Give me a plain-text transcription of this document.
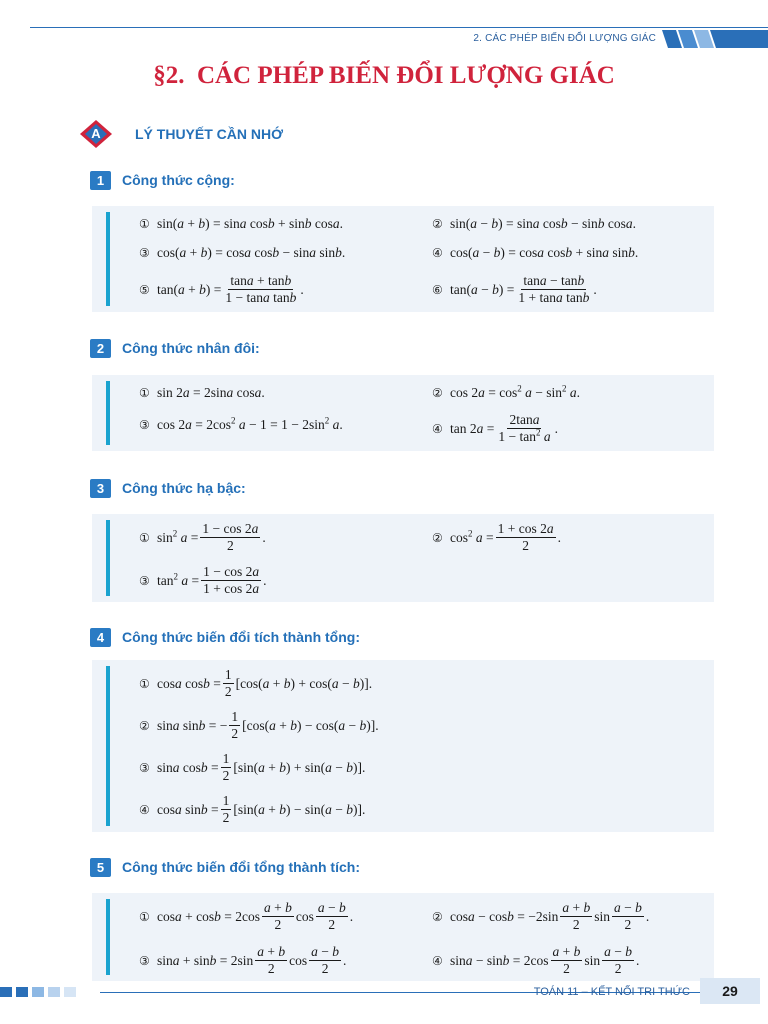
2. CÁC PHÉP BIẾN ĐỔI LƯỢNG GIÁC
§2. CÁC PHÉP BIẾN ĐỔI LƯỢNG GIÁC
A	LÝ THUYẾT CẦN NHỚ
1	Công thức cộng:
① sin(a + b) = sina cosb + sinb cosa.	② sin(a − b) = sina cosb − sinb cosa.
③ cos(a + b) = cosa cosb − sina sinb.	④ cos(a − b) = cosa cosb + sina sinb.
⑤ $\tan(a + b) = \frac{\tan a + \tan b}{\text{1 − tana tanb}}$ .	⑥ $\tan(a - b) = \frac{\tan a - \tan b}{\text{1 + tana tanb}}$ .
2	Công thức nhân đôi:
① sin 2a = 2sina cosa.	② $\cos 2a = \cos^2 a - \sin^2 a$.
③ $\cos 2a = 2\cos^2$ $a - 1 = 1 - 2\sin^2$ a.	④ $\tan 2a = \frac{2\tan a}{1 - \tan^2 a}$ .
3	Công thức hạ bậc:
① $\sin^2 a = \frac{1 - \cos 2a}{2}$ .	② $\cos^2 a = \frac{1 + \cos 2a}{2}$ .
③ $\tan^2 a = \frac{1 - \cos 2a}{1 + \cos 2a}$ .
4	Công thức biến đổi tích thành tổng:
① cosa $\cos b = \frac{1}{2} [\cos(a + b) + \cos(a - b)]$.
② sina sinb = − $\frac{1}{2} [\cos(a + b) - \cos(a - b)]$.
③ sina $\cos b = \frac{1}{2} [\sin(a + b) + \sin(a - b)]$.
④ cosa $\sin b = \frac{1}{2} [\sin(a + b) - \sin(a - b)]$.
5	Công thức biến đổi tổng thành tích:
① $\cos a + \cos b = 2\cos \frac{a + b}{2}$ $\cos \frac{a - b}{2}$ .	② $\cos a - \cos b = -2\sin \frac{a + b}{2}$ $\sin \frac{a - b}{2}$ .
③ $\sin a + \sin b = 2\sin \frac{a + b}{2}$ $\cos \frac{a - b}{2}$ .	④ $\sin a - \sin b = 2\cos \frac{a + b}{2}$ $\sin \frac{a - b}{2}$ .
TOÁN 11 – KẾT NỐI TRI THỨC	29
